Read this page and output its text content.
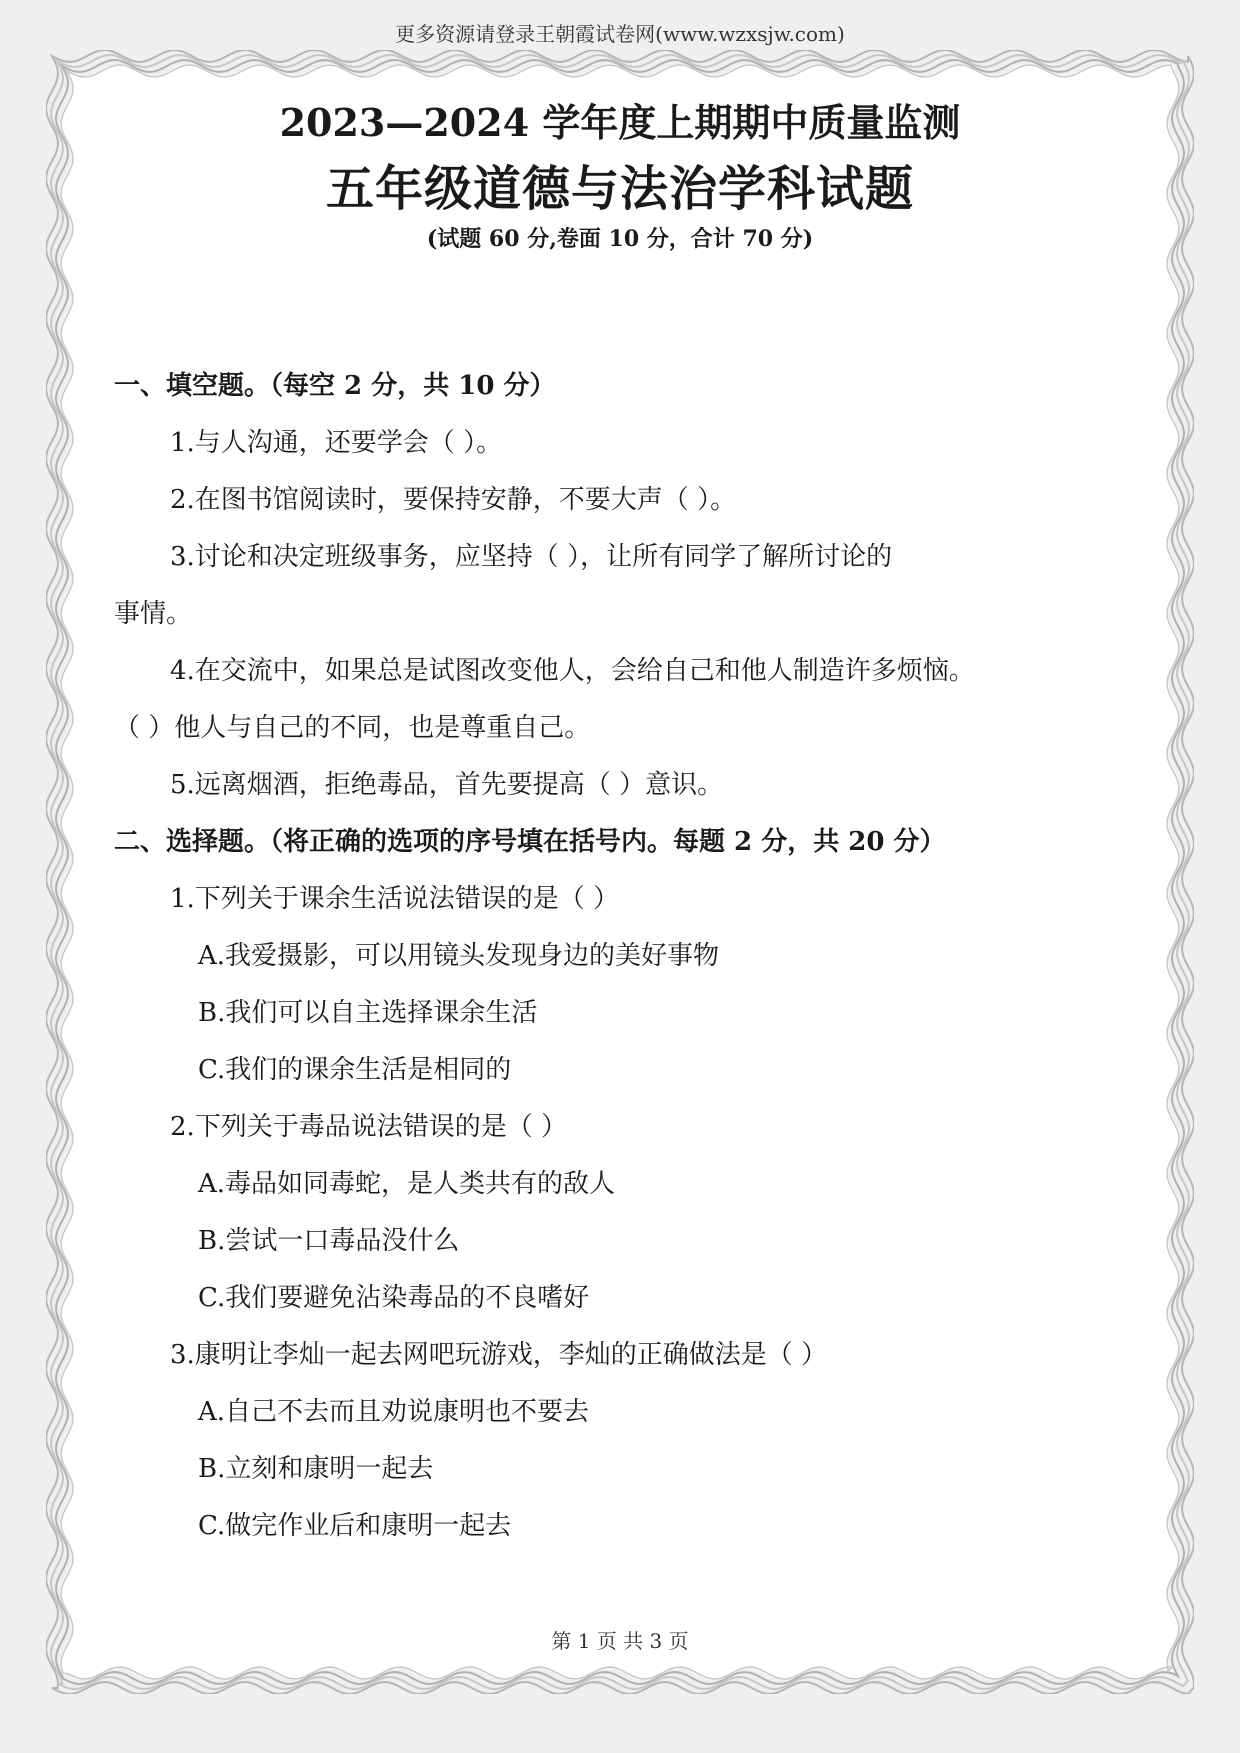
更多资源请登录王朝霞试卷网(www.wzxsjw.com)
2023—2024 学年度上期期中质量监测
五年级道德与法治学科试题
(试题 60 分,卷面 10 分，合计 70 分)
一、填空题。（每空 2 分，共 10 分）
1.与人沟通，还要学会（ ）。
2.在图书馆阅读时，要保持安静，不要大声（ ）。
3.讨论和决定班级事务，应坚持（ ），让所有同学了解所讨论的
事情。
4.在交流中，如果总是试图改变他人，会给自己和他人制造许多烦恼。
（ ）他人与自己的不同，也是尊重自己。
5.远离烟酒，拒绝毒品，首先要提高（ ）意识。
二、选择题。（将正确的选项的序号填在括号内。每题 2 分，共 20 分）
1.下列关于课余生活说法错误的是（ ）
A.我爱摄影，可以用镜头发现身边的美好事物
B.我们可以自主选择课余生活
C.我们的课余生活是相同的
2.下列关于毒品说法错误的是（ ）
A.毒品如同毒蛇，是人类共有的敌人
B.尝试一口毒品没什么
C.我们要避免沾染毒品的不良嗜好
3.康明让李灿一起去网吧玩游戏，李灿的正确做法是（ ）
A.自己不去而且劝说康明也不要去
B.立刻和康明一起去
C.做完作业后和康明一起去
第 1 页 共 3 页
